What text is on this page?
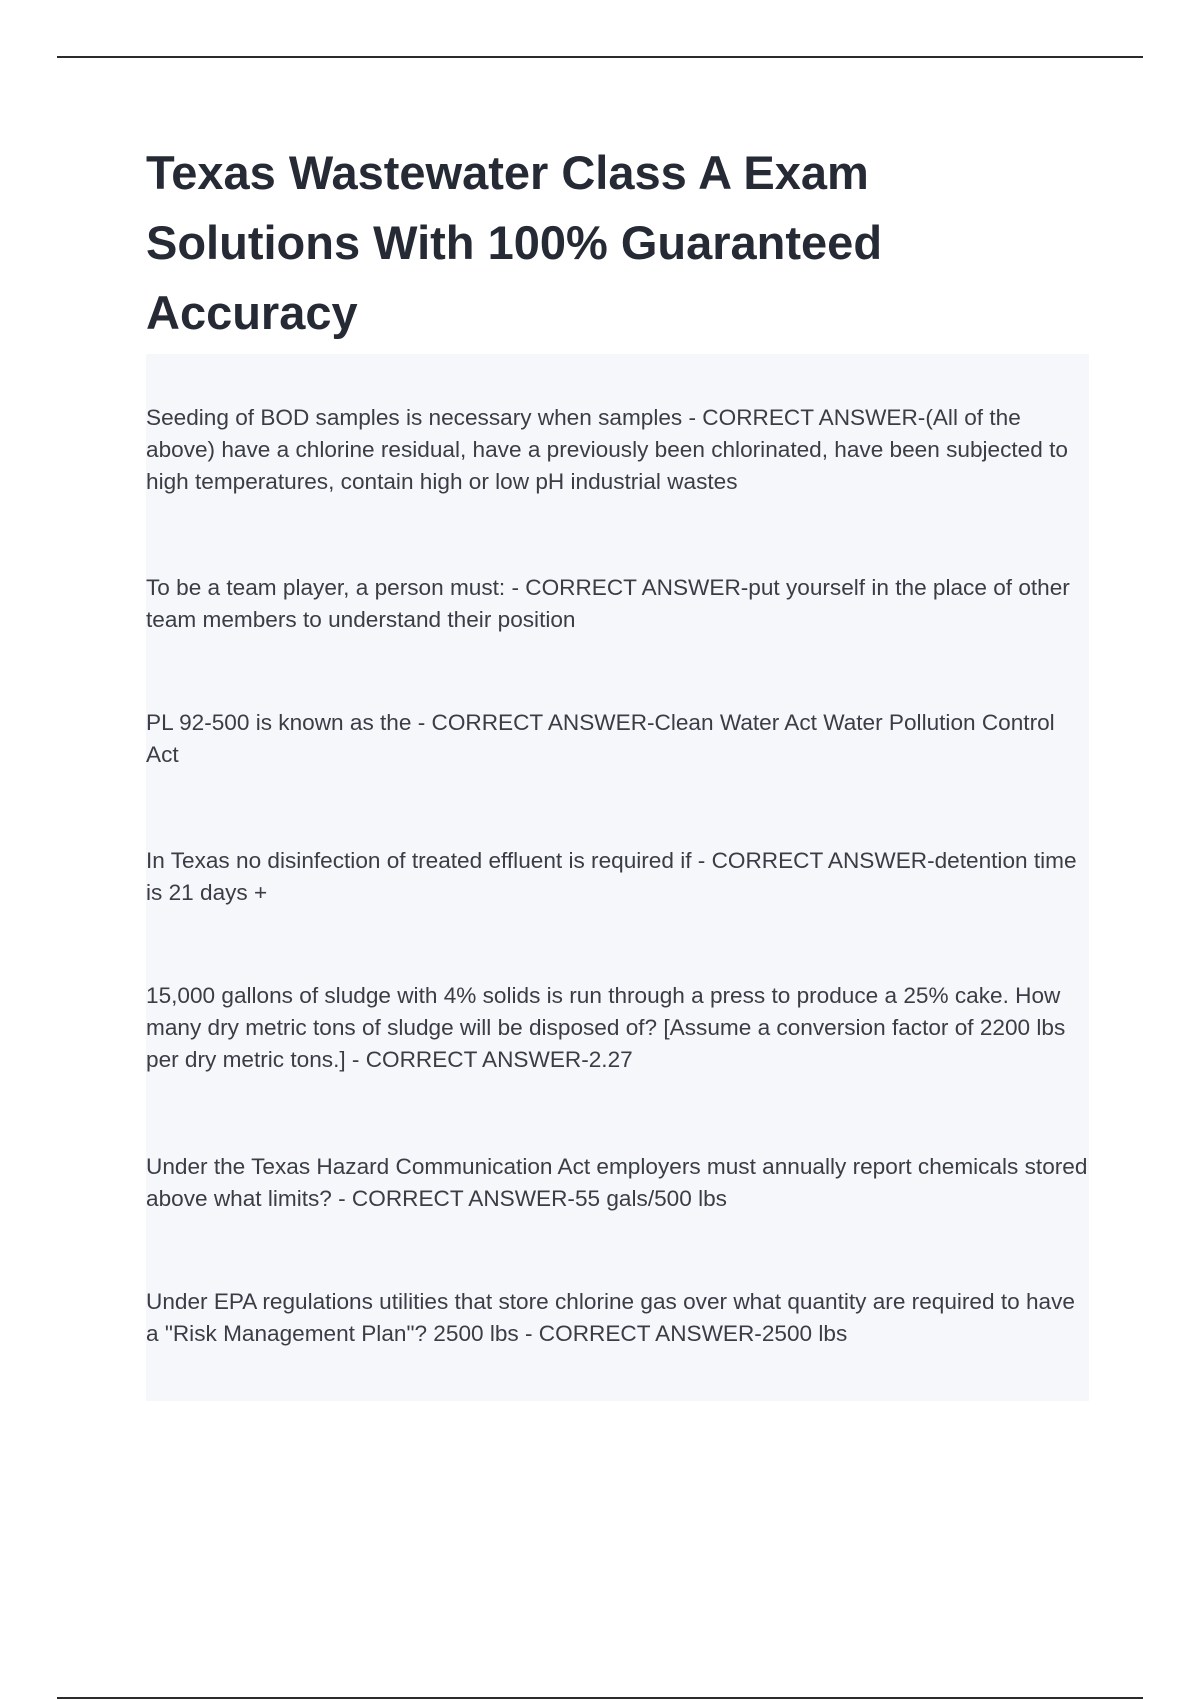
Texas Wastewater Class A Exam Solutions With 100% Guaranteed Accuracy

Seeding of BOD samples is necessary when samples - CORRECT ANSWER-(All of the above) have a chlorine residual, have a previously been chlorinated, have been subjected to high temperatures, contain high or low pH industrial wastes

To be a team player, a person must: - CORRECT ANSWER-put yourself in the place of other team members to understand their position

PL 92-500 is known as the - CORRECT ANSWER-Clean Water Act Water Pollution Control Act

In Texas no disinfection of treated effluent is required if - CORRECT ANSWER-detention time is 21 days +

15,000 gallons of sludge with 4% solids is run through a press to produce a 25% cake. How many dry metric tons of sludge will be disposed of? [Assume a conversion factor of 2200 lbs per dry metric tons.] - CORRECT ANSWER-2.27

Under the Texas Hazard Communication Act employers must annually report chemicals stored above what limits? - CORRECT ANSWER-55 gals/500 lbs

Under EPA regulations utilities that store chlorine gas over what quantity are required to have a "Risk Management Plan"? 2500 lbs - CORRECT ANSWER-2500 lbs
